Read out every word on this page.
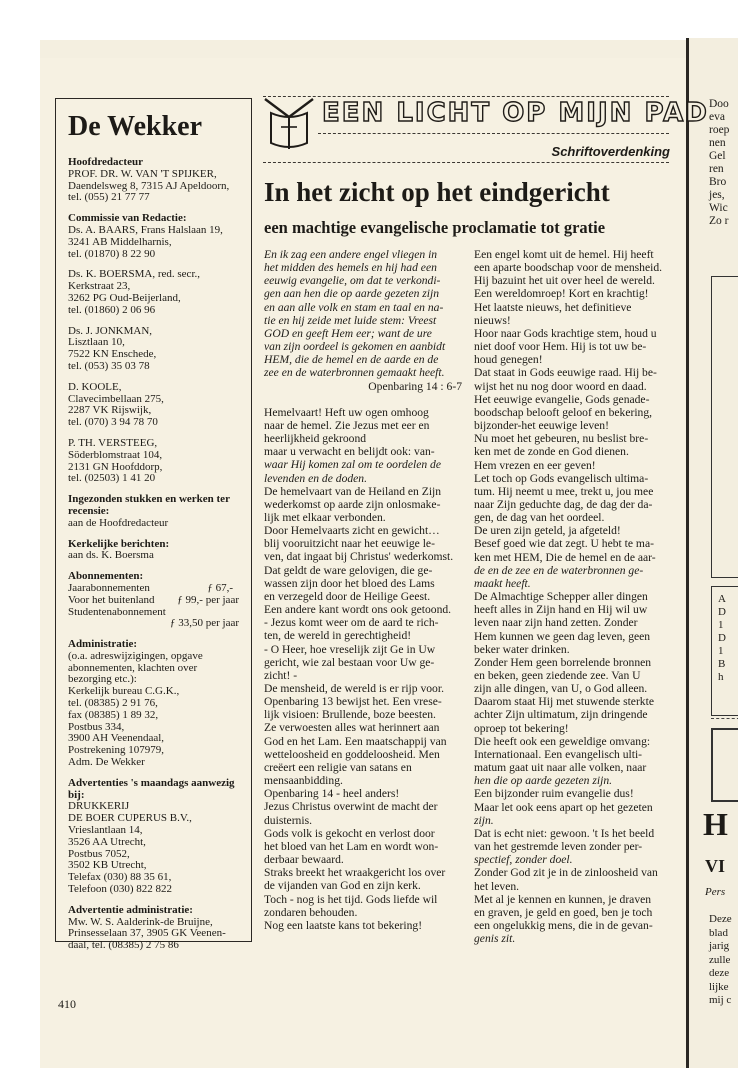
Doo
eva
roep
nen
Gel
ren
Bro
jes,
Wic
Zo r
A
D
1
D
1
B
h
H
VI
Pers
Deze
blad
jarig
zulle
deze
lijke
mij c
De Wekker
Hoofdredacteur
PROF. DR. W. VAN 'T SPIJKER,
Daendelsweg 8, 7315 AJ Apeldoorn,
tel. (055) 21 77 77
Commissie van Redactie:
Ds. A. BAARS, Frans Halslaan 19,
3241 AB Middelharnis,
tel. (01870) 8 22 90
Ds. K. BOERSMA, red. secr.,
Kerkstraat 23,
3262 PG Oud-Beijerland,
tel. (01860) 2 06 96
Ds. J. JONKMAN,
Lisztlaan 10,
7522 KN Enschede,
tel. (053) 35 03 78
D. KOOLE,
Clavecimbellaan 275,
2287 VK Rijswijk,
tel. (070) 3 94 78 70
P. TH. VERSTEEG,
Söderblomstraat 104,
2131 GN Hoofddorp,
tel. (02503) 1 41 20
Ingezonden stukken en werken ter recensie:
aan de Hoofdredacteur
Kerkelijke berichten:
aan ds. K. Boersma
Abonnementen:
Jaarabonnementen	ƒ 67,-
Voor het buitenland ƒ 99,- per jaar
Studentenabonnement
ƒ 33,50 per jaar
Administratie:
(o.a. adreswijzigingen, opgave
abonnementen, klachten over
bezorging etc.):
Kerkelijk bureau C.G.K.,
tel. (08385) 2 91 76,
fax (08385) 1 89 32,
Postbus 334,
3900 AH Veenendaal,
Postrekening 107979,
Adm. De Wekker
Advertenties 's maandags aanwezig bij:
DRUKKERIJ
DE BOER CUPERUS B.V.,
Vrieslantlaan 14,
3526 AA Utrecht,
Postbus 7052,
3502 KB Utrecht,
Telefax (030) 88 35 61,
Telefoon (030) 822 822
Advertentie administratie:
Mw. W. S. Aalderink-de Bruijne,
Prinsesselaan 37, 3905 GK Veenen-
daal, tel. (08385) 2 75 86
EEN LICHT OP MIJN PAD
Schriftoverdenking
In het zicht op het eindgericht
een machtige evangelische proclamatie tot gratie

En ik zag een andere engel vliegen in

het midden des hemels en hij had een

eeuwig evangelie, om dat te verkondi-

gen aan hen die op aarde gezeten zijn

en aan alle volk en stam en taal en na-

tie en hij zeide met luide stem: Vreest

GOD en geeft Hem eer; want de ure

van zijn oordeel is gekomen en aanbidt

HEM, die de hemel en de aarde en de

zee en de waterbronnen gemaakt heeft.

Openbaring 14 : 6-7

Hemelvaart! Heft uw ogen omhoog

naar de hemel. Zie Jezus met eer en

heerlijkheid gekroond

maar u verwacht en belijdt ook: van-

waar Hij komen zal om te oordelen de

levenden en de doden.

De hemelvaart van de Heiland en Zijn

wederkomst op aarde zijn onlosmake-

lijk met elkaar verbonden.

Door Hemelvaarts zicht en gewicht…

blij vooruitzicht naar het eeuwige le-

ven, dat ingaat bij Christus' wederkomst.

Dat geldt de ware gelovigen, die ge-

wassen zijn door het bloed des Lams

en verzegeld door de Heilige Geest.

Een andere kant wordt ons ook getoond.

- Jezus komt weer om de aard te rich-

ten, de wereld in gerechtigheid!

- O Heer, hoe vreselijk zijt Ge in Uw

gericht, wie zal bestaan voor Uw ge-

zicht! -

De mensheid, de wereld is er rijp voor.

Openbaring 13 bewijst het. Een vrese-

lijk visioen: Brullende, boze beesten.

Ze verwoesten alles wat herinnert aan

God en het Lam. Een maatschappij van

wetteloosheid en goddeloosheid. Men

creëert een religie van satans en

mensaanbidding.

Openbaring 14 - heel anders!

Jezus Christus overwint de macht der

duisternis.

Gods volk is gekocht en verlost door

het bloed van het Lam en wordt won-

derbaar bewaard.

Straks breekt het wraakgericht los over

de vijanden van God en zijn kerk.

Toch - nog is het tijd. Gods liefde wil

zondaren behouden.

Nog een laatste kans tot bekering!

Een engel komt uit de hemel. Hij heeft

een aparte boodschap voor de mensheid.

Hij bazuint het uit over heel de wereld.

Een wereldomroep! Kort en krachtig!

Het laatste nieuws, het definitieve nieuws!

Hoor naar Gods krachtige stem, houd u

niet doof voor Hem. Hij is tot uw be-

houd genegen!

Dat staat in Gods eeuwige raad. Hij be-

wijst het nu nog door woord en daad.

Het eeuwige evangelie, Gods genade-

boodschap belooft geloof en bekering,

bijzonder-het eeuwige leven!

Nu moet het gebeuren, nu beslist bre-

ken met de zonde en God dienen.

Hem vrezen en eer geven!

Let toch op Gods evangelisch ultima-

tum. Hij neemt u mee, trekt u, jou mee

naar Zijn geduchte dag, de dag der da-

gen, de dag van het oordeel.

De uren zijn geteld, ja afgeteld!

Besef goed wie dat zegt. U hebt te ma-

ken met HEM, Die de hemel en de aar-

de en de zee en de waterbronnen ge-

maakt heeft.

De Almachtige Schepper aller dingen

heeft alles in Zijn hand en Hij wil uw

leven naar zijn hand zetten. Zonder

Hem kunnen we geen dag leven, geen

beker water drinken.

Zonder Hem geen borrelende bronnen

en beken, geen ziedende zee. Van U

zijn alle dingen, van U, o God alleen.

Daarom staat Hij met stuwende sterkte

achter Zijn ultimatum, zijn dringende

oproep tot bekering!

Die heeft ook een geweldige omvang:

Internationaal. Een evangelisch ulti-

matum gaat uit naar alle volken, naar

hen die op aarde gezeten zijn.

Een bijzonder ruim evangelie dus!

Maar let ook eens apart op het gezeten

zijn.

Dat is echt niet: gewoon. 't Is het beeld

van het gestremde leven zonder per-

spectief, zonder doel.

Zonder God zit je in de zinloosheid van

het leven.

Met al je kennen en kunnen, je draven

en graven, je geld en goed, ben je toch

een ongelukkig mens, die in de gevan-

genis zit.

410
